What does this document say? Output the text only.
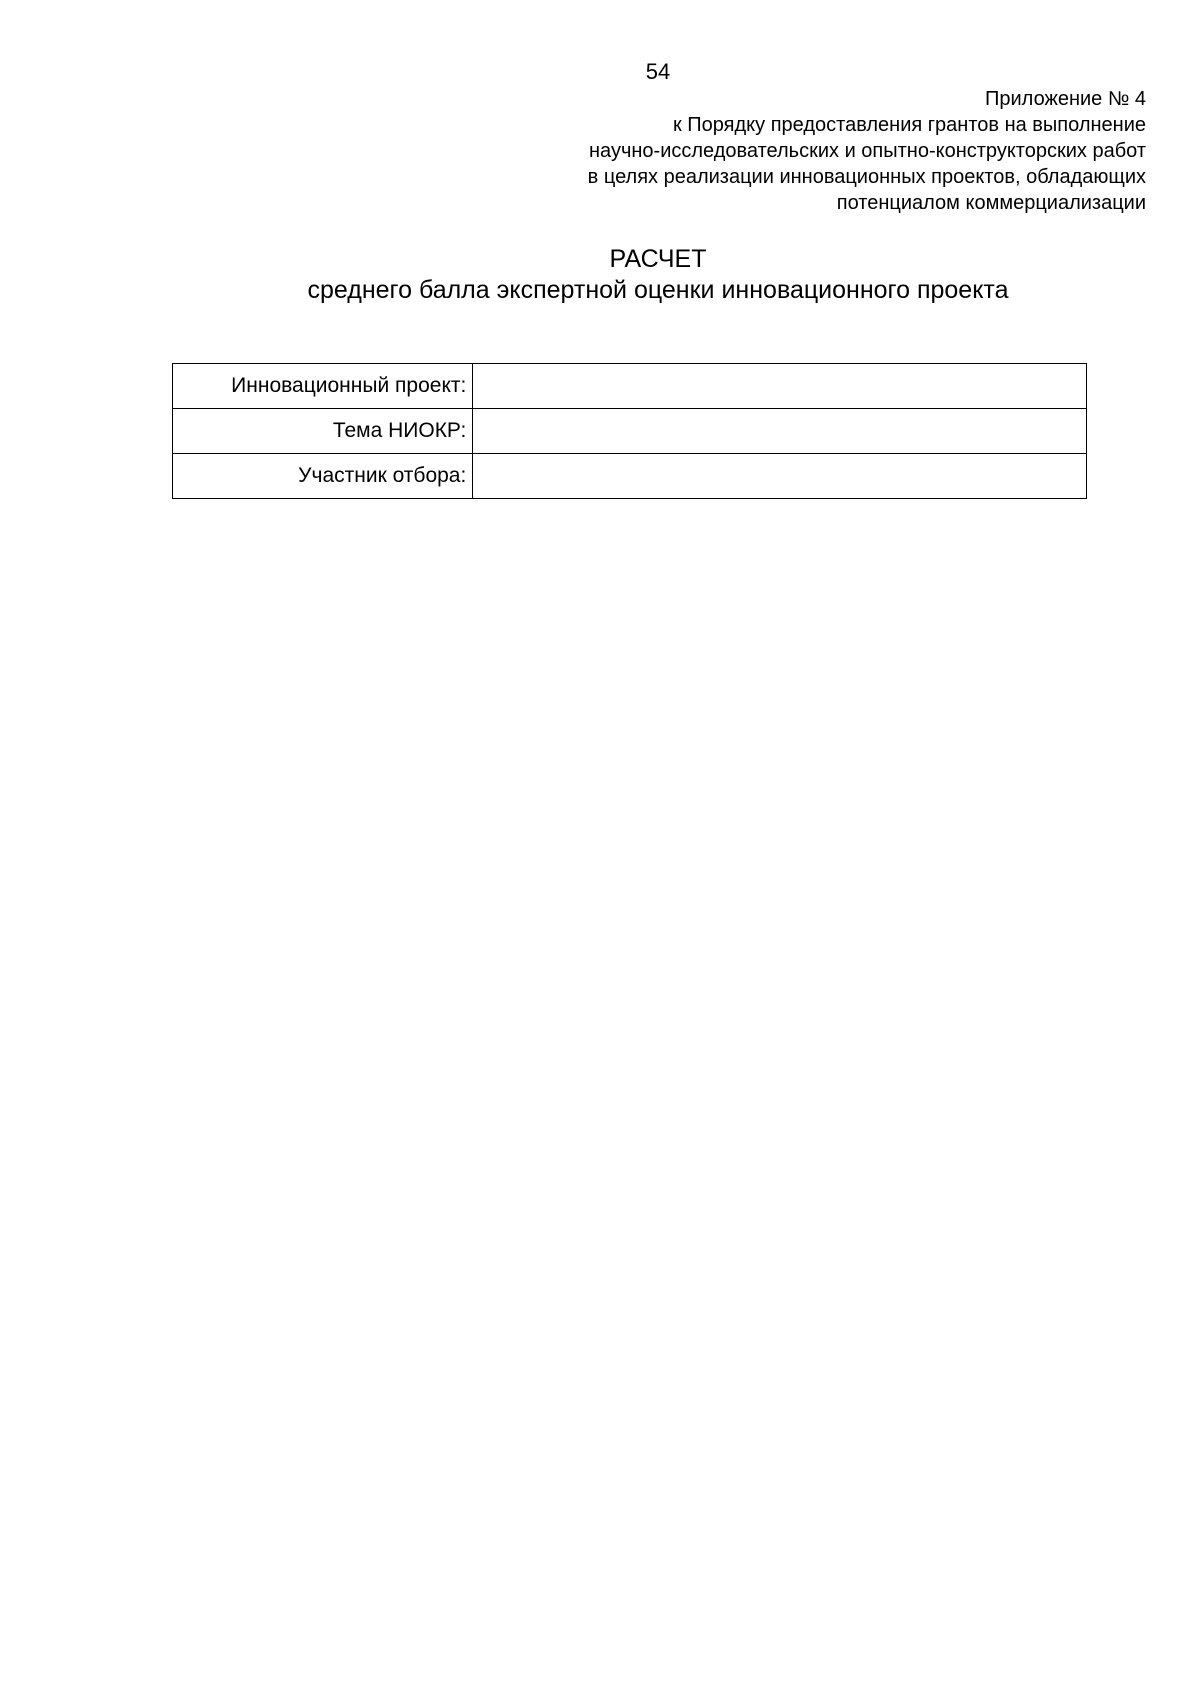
54
Приложение № 4
к Порядку предоставления грантов на выполнение
научно-исследовательских и опытно-конструкторских работ
в целях реализации инновационных проектов, обладающих
потенциалом коммерциализации
РАСЧЕТ
среднего балла экспертной оценки инновационного проекта
Инновационный проект:	
Тема НИОКР:	
Участник отбора:	
